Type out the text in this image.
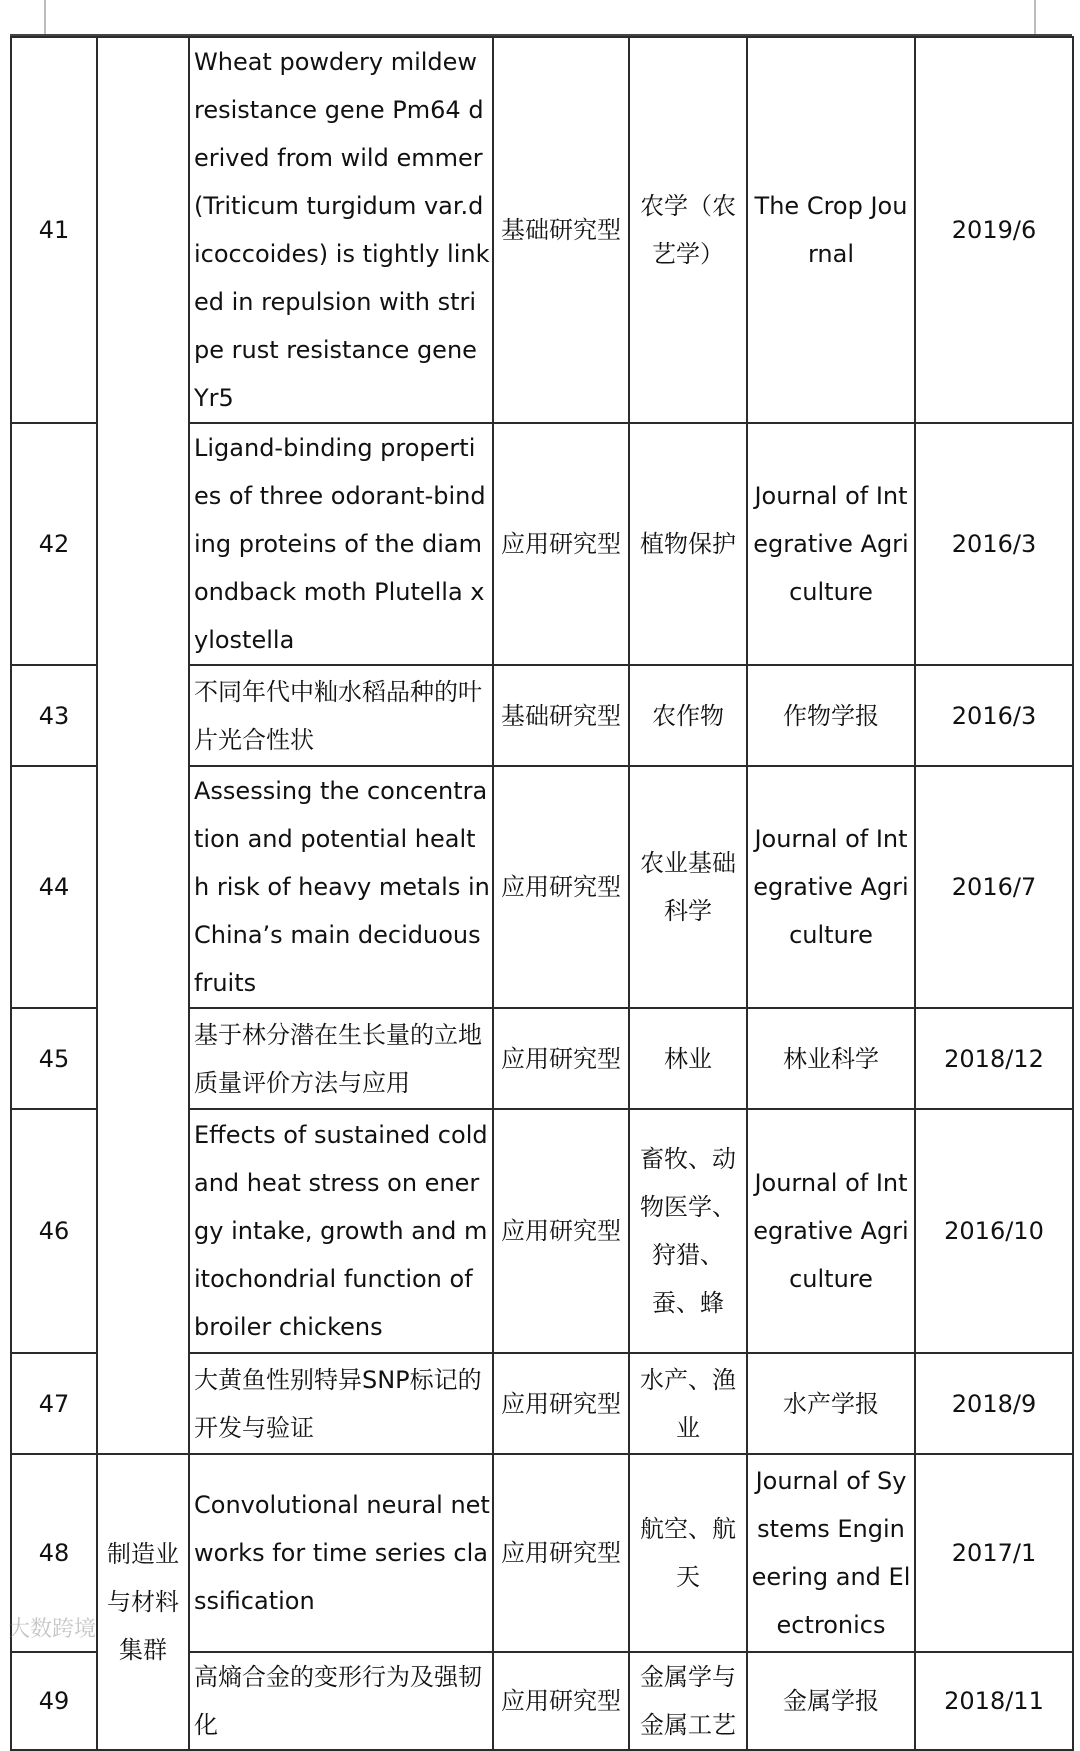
41		Wheat powdery mildew resistance gene Pm64 derived from wild emmer (Triticum turgidum var.dicoccoides) is tightly linked in repulsion with stripe rust resistance gene Yr5	基础研究型	农学（农艺学）	The Crop Journal	2019/6
42		Ligand-binding properties of three odorant-binding proteins of the diamondback moth Plutella xylostella	应用研究型	植物保护	Journal of Integrative Agriculture	2016/3
43		不同年代中籼水稻品种的叶片光合性状	基础研究型	农作物	作物学报	2016/3
44		Assessing the concentration and potential health risk of heavy metals in China’s main deciduous fruits	应用研究型	农业基础科学	Journal of Integrative Agriculture	2016/7
45		基于林分潜在生长量的立地质量评价方法与应用	应用研究型	林业	林业科学	2018/12
46		Effects of sustained cold and heat stress on energy intake, growth and mitochondrial function of broiler chickens	应用研究型	畜牧、动物医学、狩猎、蚕、蜂	Journal of Integrative Agriculture	2016/10
47		大黄鱼性别特异SNP标记的开发与验证	应用研究型	水产、渔业	水产学报	2018/9
48	制造业与材料集群	Convolutional neural networks for time series classification	应用研究型	航空、航天	Journal of Systems Engineering and Electronics	2017/1
49		高熵合金的变形行为及强韧化	应用研究型	金属学与金属工艺	金属学报	2018/11
大数跨境
